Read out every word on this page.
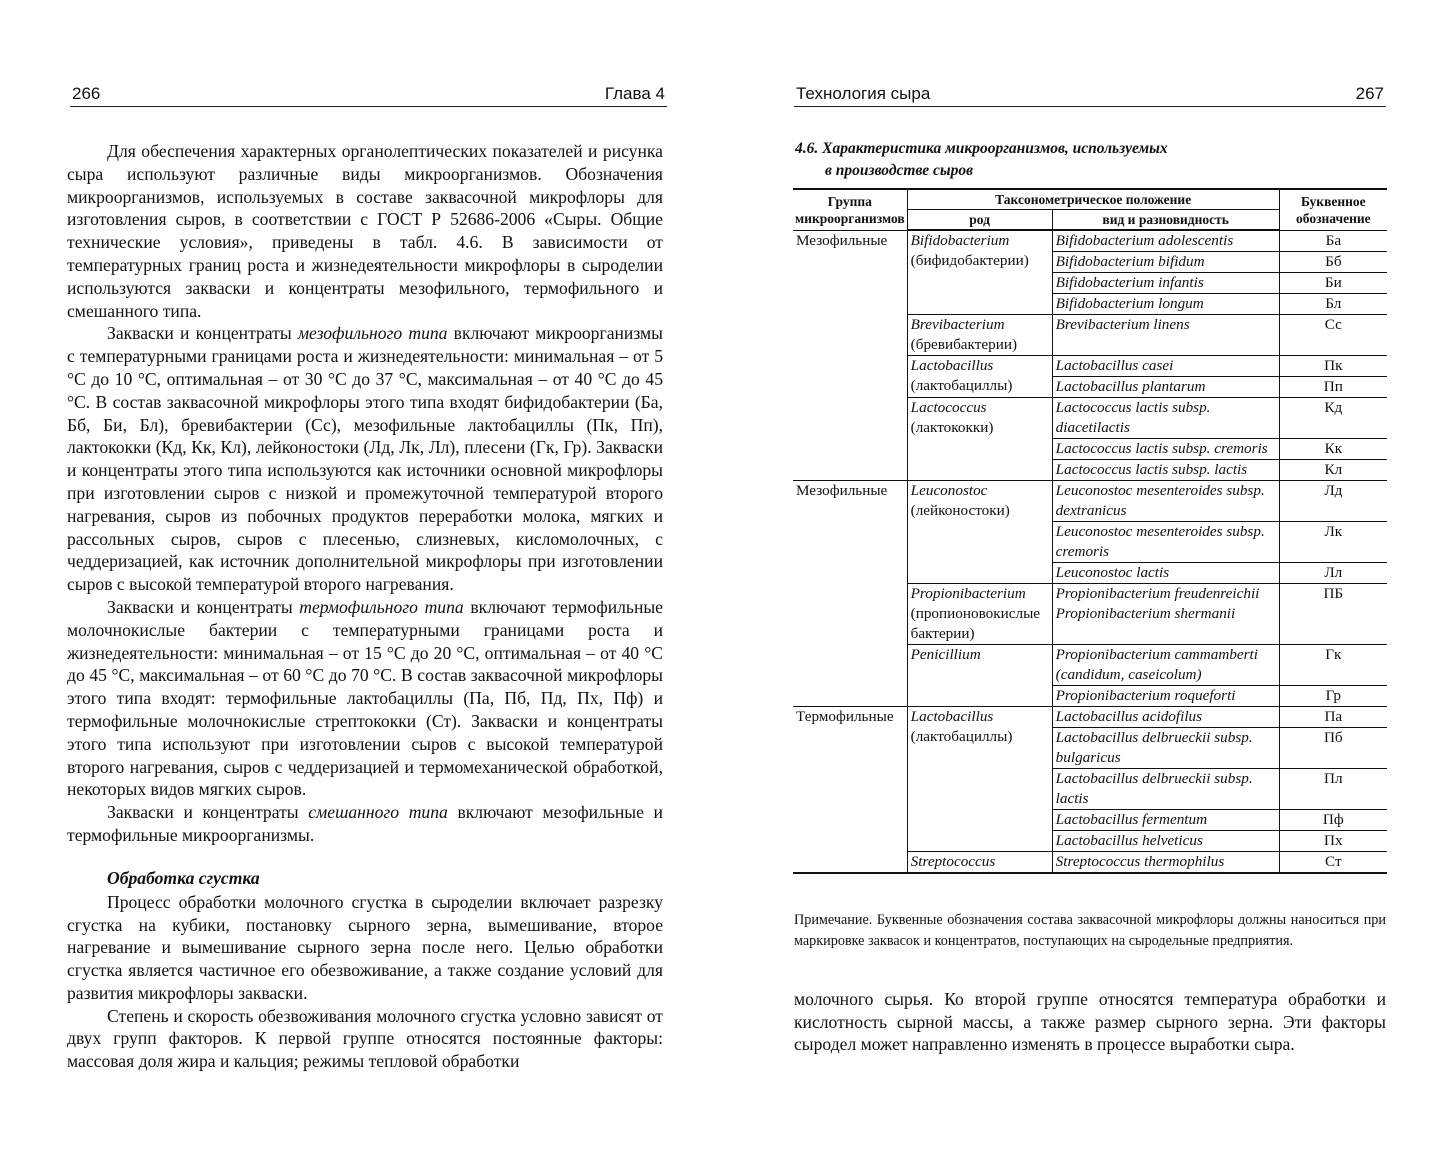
266	Глава 4

Для обеспечения характерных органолептических показателей и рисунка сыра используют различные виды микроорганизмов. Обозначения микроорганизмов, используемых в составе заквасочной микрофлоры для изготовления сыров, в соответствии с ГОСТ Р 52686-2006 «Сыры. Общие технические условия», приведены в табл. 4.6. В зависимости от температурных границ роста и жизнедеятельности микрофлоры в сыроделии используются закваски и концентраты мезофильного, термофильного и смешанного типа.

Закваски и концентраты мезофильного типа включают микроорганизмы с температурными границами роста и жизнедеятельности: минимальная – от 5 °С до 10 °С, оптимальная – от 30 °С до 37 °С, максимальная – от 40 °С до 45 °С. В состав заквасочной микрофлоры этого типа входят бифидобактерии (Ба, Бб, Би, Бл), бревибактерии (Сс), мезофильные лактобациллы (Пк, Пп), лактококки (Кд, Кк, Кл), лейконостоки (Лд, Лк, Лл), плесени (Гк, Гр). Закваски и концентраты этого типа используются как источники основной микрофлоры при изготовлении сыров с низкой и промежуточной температурой второго нагревания, сыров из побочных продуктов переработки молока, мягких и рассольных сыров, сыров с плесенью, слизневых, кисломолочных, с чеддеризацией, как источник дополнительной микрофлоры при изготовлении сыров с высокой температурой второго нагревания.

Закваски и концентраты термофильного типа включают термофильные молочнокислые бактерии с температурными границами роста и жизнедеятельности: минимальная – от 15 °С до 20 °С, оптимальная – от 40 °С до 45 °С, максимальная – от 60 °С до 70 °С. В состав заквасочной микрофлоры этого типа входят: термофильные лактобациллы (Па, Пб, Пд, Пх, Пф) и термофильные молочнокислые стрептококки (Ст). Закваски и концентраты этого типа используют при изготовлении сыров с высокой температурой второго нагревания, сыров с чеддеризацией и термомеханической обработкой, некоторых видов мягких сыров.

Закваски и концентраты смешанного типа включают мезофильные и термофильные микроорганизмы.

Обработка сгустка

Процесс обработки молочного сгустка в сыроделии включает разрезку сгустка на кубики, постановку сырного зерна, вымешивание, второе нагревание и вымешивание сырного зерна после него. Целью обработки сгустка является частичное его обезвоживание, а также создание условий для развития микрофлоры закваски.

Степень и скорость обезвоживания молочного сгустка условно зависят от двух групп факторов. К первой группе относятся постоянные факторы: массовая доля жира и кальция; режимы тепловой обработки

Технология сыра	267
4.6. Характеристика микроорганизмов, используемых
в производстве сыров
Группа микроорганизмов	Таксонометрическое положение		Буквенное обозначение
	род	вид и разновидность	
Мезофильные	Bifidobacterium (бифидобактерии)	Bifidobacterium adolescentis	Ба
		Bifidobacterium bifidum	Бб
		Bifidobacterium infantis	Би
		Bifidobacterium longum	Бл
	Brevibacterium (бревибактерии)	Brevibacterium linens	Сс
	Lactobacillus (лактобациллы)	Lactobacillus casei	Пк
		Lactobacillus plantarum	Пп
	Lactococcus (лактококки)	Lactococcus lactis subsp. diacetilactis	Кд
		Lactococcus lactis subsp. cremoris	Кк
		Lactococcus lactis subsp. lactis	Кл
Мезофильные	Leuconostoc (лейконостоки)	Leuconostoc mesenteroides subsp. dextranicus	Лд
		Leuconostoc mesenteroides subsp. cremoris	Лк
		Leuconostoc lactis	Лл
	Propionibacterium (пропионовокислые бактерии)	Propionibacterium freudenreichii Propionibacterium shermanii	ПБ
	Penicillium	Propionibacterium cammamberti (candidum, caseicolum)	Гк
		Propionibacterium roqueforti	Гр
Термофильные	Lactobacillus (лактобациллы)	Lactobacillus acidofilus	Па
		Lactobacillus delbrueckii subsp. bulgaricus	Пб
		Lactobacillus delbrueckii subsp. lactis	Пл
		Lactobacillus fermentum	Пф
		Lactobacillus helveticus	Пх
	Streptococcus	Streptococcus thermophilus	Ст
Примечание. Буквенные обозначения состава заквасочной микрофлоры должны наноситься при маркировке заквасок и концентратов, поступающих на сыродельные предприятия.
молочного сырья. Ко второй группе относятся температура обработки и кислотность сырной массы, а также размер сырного зерна. Эти факторы сыродел может направленно изменять в процессе выработки сыра.
